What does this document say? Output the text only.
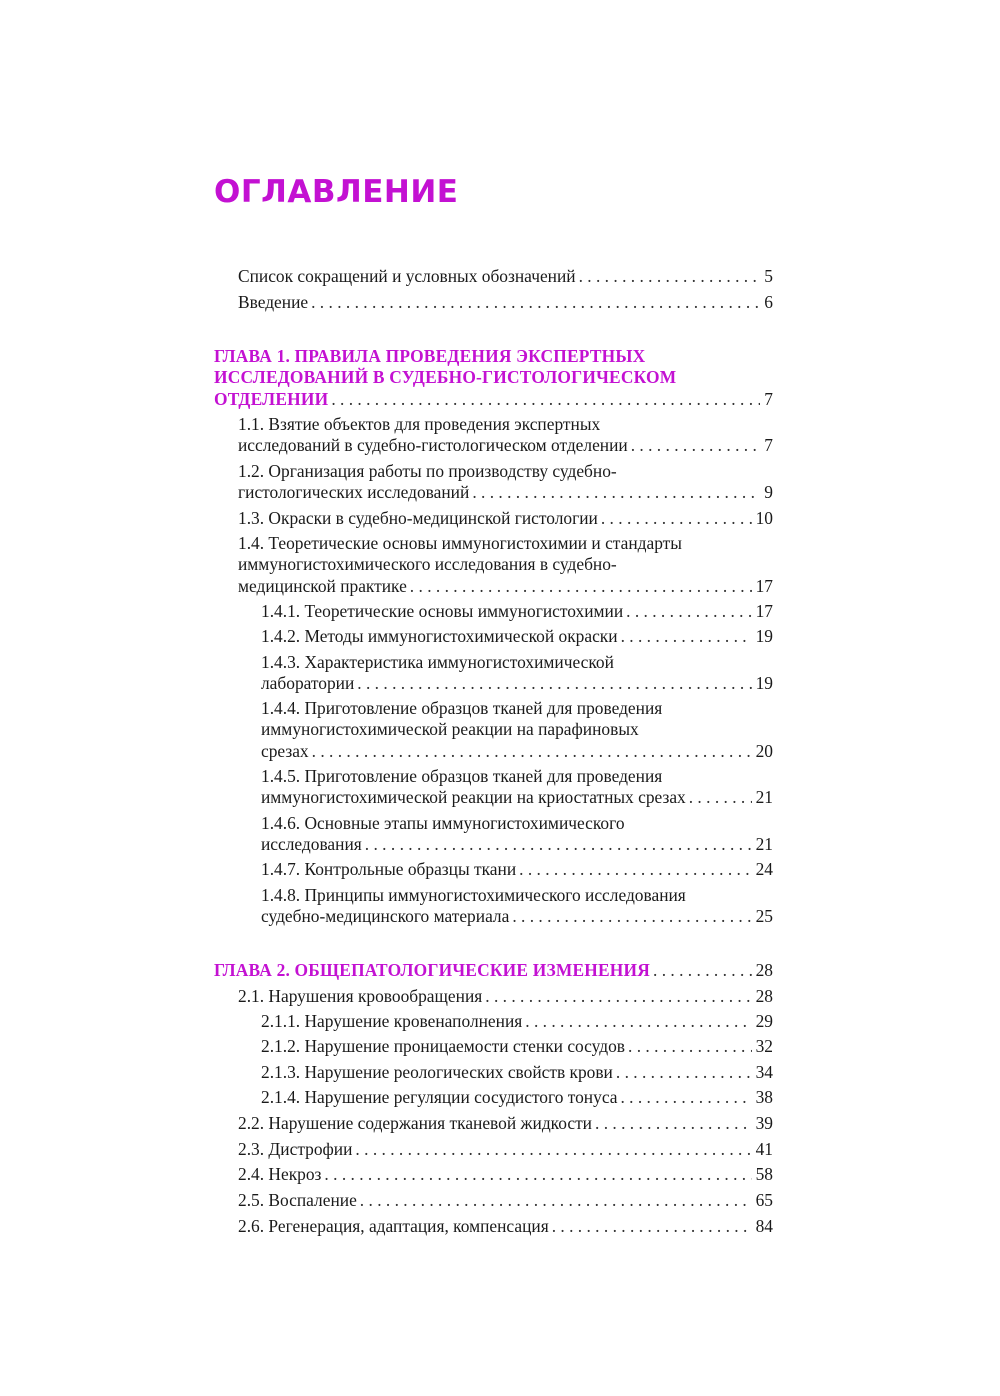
ОГЛАВЛЕНИЕ
Список сокращений и условных обозначений . . .	5
Введение . . .	6
ГЛАВА 1. ПРАВИЛА ПРОВЕДЕНИЯ ЭКСПЕРТНЫХ
ИССЛЕДОВАНИЙ В СУДЕБНО-ГИСТОЛОГИЧЕСКОМ
ОТДЕЛЕНИИ . . .	7
1.1. Взятие объектов для проведения экспертных
исследований в судебно-гистологическом отделении . . .	7
1.2. Организация работы по производству судебно-
гистологических исследований . . .	9
1.3. Окраски в судебно-медицинской гистологии . . .	10
1.4. Теоретические основы иммуногистохимии и стандарты
иммуногистохимического исследования в судебно-
медицинской практике . . .	17
1.4.1. Теоретические основы иммуногистохимии . . .	17
1.4.2. Методы иммуногистохимической окраски . . .	19
1.4.3. Характеристика иммуногистохимической
лаборатории . . .	19
1.4.4. Приготовление образцов тканей для проведения
иммуногистохимической реакции на парафиновых
срезах . . .	20
1.4.5. Приготовление образцов тканей для проведения
иммуногистохимической реакции на криостатных срезах . . .	21
1.4.6. Основные этапы иммуногистохимического
исследования . . .	21
1.4.7. Контрольные образцы ткани . . .	24
1.4.8. Принципы иммуногистохимического исследования
судебно-медицинского материала . . .	25
ГЛАВА 2. ОБЩЕПАТОЛОГИЧЕСКИЕ ИЗМЕНЕНИЯ . . .	28
2.1. Нарушения кровообращения . . .	28
2.1.1. Нарушение кровенаполнения . . .	29
2.1.2. Нарушение проницаемости стенки сосудов . . .	32
2.1.3. Нарушение реологических свойств крови . . .	34
2.1.4. Нарушение регуляции сосудистого тонуса . . .	38
2.2. Нарушение содержания тканевой жидкости . . .	39
2.3. Дистрофии . . .	41
2.4. Некроз . . .	58
2.5. Воспаление . . .	65
2.6. Регенерация, адаптация, компенсация . . .	84
